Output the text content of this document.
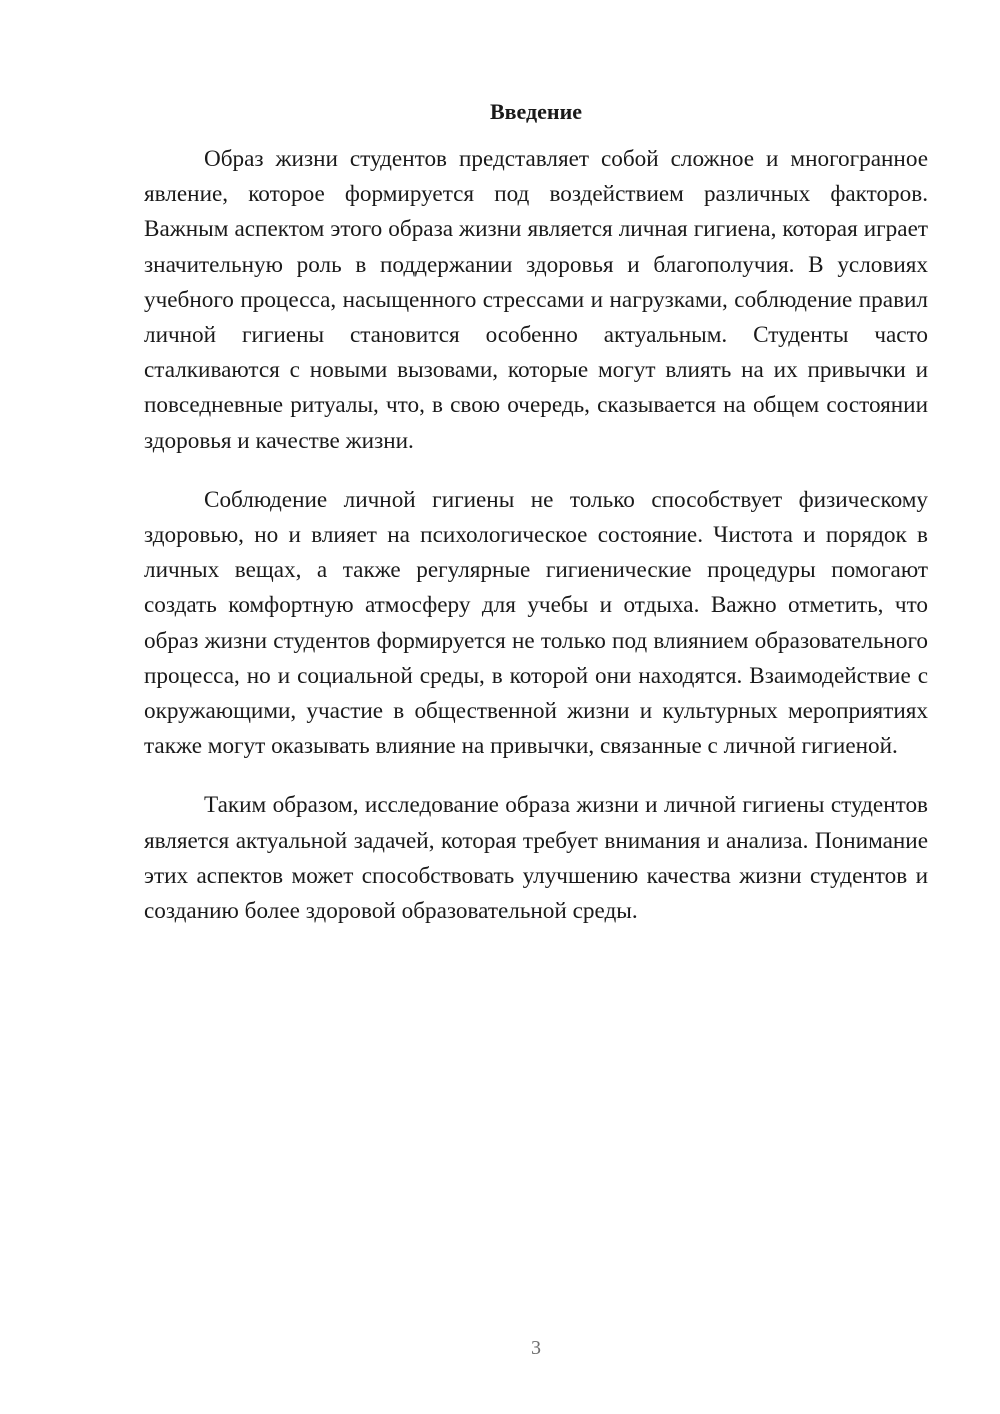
Введение

Образ жизни студентов представляет собой сложное и многогранное явление, которое формируется под воздействием различных факторов. Важным аспектом этого образа жизни является личная гигиена, которая играет значительную роль в поддержании здоровья и благополучия. В условиях учебного процесса, насыщенного стрессами и нагрузками, соблюдение правил личной гигиены становится особенно актуальным. Студенты часто сталкиваются с новыми вызовами, которые могут влиять на их привычки и повседневные ритуалы, что, в свою очередь, сказывается на общем состоянии здоровья и качестве жизни.

Соблюдение личной гигиены не только способствует физическому здоровью, но и влияет на психологическое состояние. Чистота и порядок в личных вещах, а также регулярные гигиенические процедуры помогают создать комфортную атмосферу для учебы и отдыха. Важно отметить, что образ жизни студентов формируется не только под влиянием образовательного процесса, но и социальной среды, в которой они находятся. Взаимодействие с окружающими, участие в общественной жизни и культурных мероприятиях также могут оказывать влияние на привычки, связанные с личной гигиеной.

Таким образом, исследование образа жизни и личной гигиены студентов является актуальной задачей, которая требует внимания и анализа. Понимание этих аспектов может способствовать улучшению качества жизни студентов и созданию более здоровой образовательной среды.

3
